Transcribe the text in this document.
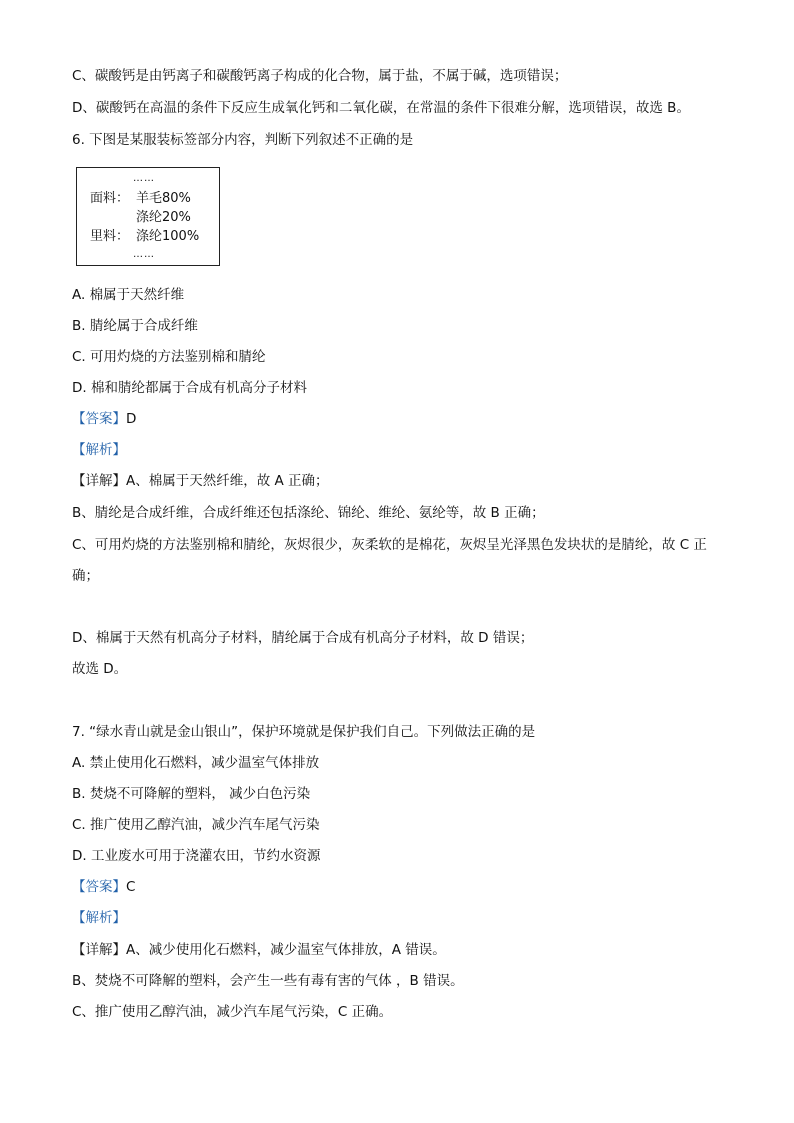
C、碳酸钙是由钙离子和碳酸钙离子构成的化合物，属于盐，不属于碱，选项错误；
D、碳酸钙在高温的条件下反应生成氧化钙和二氧化碳，在常温的条件下很难分解，选项错误，故选 B。
6. 下图是某服装标签部分内容，判断下列叙述不正确的是
……
面料： 羊毛80%
涤纶20%
里料： 涤纶100%
……
A. 棉属于天然纤维
B. 腈纶属于合成纤维
C. 可用灼烧的方法鉴别棉和腈纶
D. 棉和腈纶都属于合成有机高分子材料
【答案】D
【解析】
【详解】A、棉属于天然纤维，故 A 正确；
B、腈纶是合成纤维，合成纤维还包括涤纶、锦纶、维纶、氨纶等，故 B 正确；
C、可用灼烧的方法鉴别棉和腈纶，灰烬很少，灰柔软的是棉花，灰烬呈光泽黑色发块状的是腈纶，故 C 正
确；
D、棉属于天然有机高分子材料，腈纶属于合成有机高分子材料，故 D 错误；
故选 D。
7. “绿水青山就是金山银山”，保护环境就是保护我们自己。下列做法正确的是
A. 禁止使用化石燃料，减少温室气体排放
B. 焚烧不可降解的塑料， 减少白色污染
C. 推广使用乙醇汽油，减少汽车尾气污染
D. 工业废水可用于浇灌农田，节约水资源
【答案】C
【解析】
【详解】A、减少使用化石燃料，减少温室气体排放，A 错误。
B、焚烧不可降解的塑料，会产生一些有毒有害的气体 ，B 错误。
C、推广使用乙醇汽油，减少汽车尾气污染，C 正确。
